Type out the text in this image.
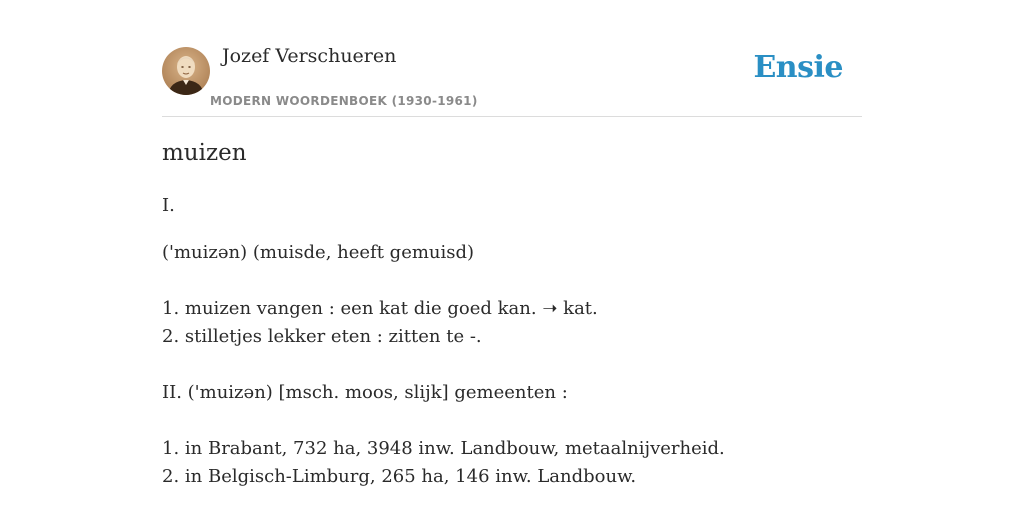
Jozef Verschueren
MODERN WOORDENBOEK (1930-1961)
Ensie
muizen
I.
('muizən) (muisde, heeft gemuisd)
1. muizen vangen : een kat die goed kan. ➝ kat.
2. stilletjes lekker eten : zitten te -.
II. ('muizən) [msch. moos, slijk] gemeenten :
1. in Brabant, 732 ha, 3948 inw. Landbouw, metaalnijverheid.
2. in Belgisch-Limburg, 265 ha, 146 inw. Landbouw.
